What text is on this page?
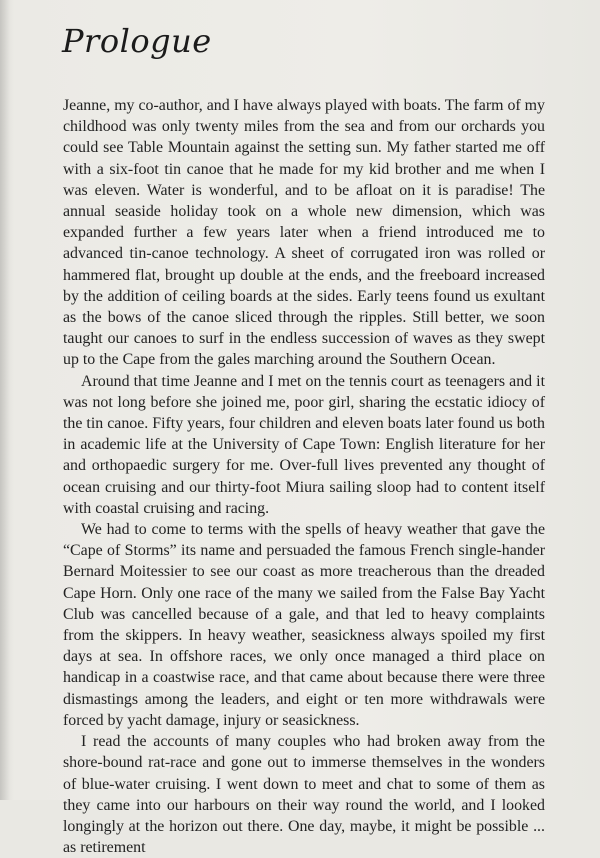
Prologue

Jeanne, my co-author, and I have always played with boats. The farm of my childhood was only twenty miles from the sea and from our orchards you could see Table Mountain against the setting sun. My father started me off with a six-foot tin canoe that he made for my kid brother and me when I was eleven. Water is wonderful, and to be afloat on it is paradise! The annual seaside holiday took on a whole new dimension, which was expanded further a few years later when a friend introduced me to advanced tin-canoe technology. A sheet of corrugated iron was rolled or hammered flat, brought up double at the ends, and the freeboard increased by the addition of ceiling boards at the sides. Early teens found us exultant as the bows of the canoe sliced through the ripples. Still better, we soon taught our canoes to surf in the endless succession of waves as they swept up to the Cape from the gales marching around the Southern Ocean.

Around that time Jeanne and I met on the tennis court as teenagers and it was not long before she joined me, poor girl, sharing the ecstatic idiocy of the tin canoe. Fifty years, four children and eleven boats later found us both in academic life at the University of Cape Town: English literature for her and orthopaedic surgery for me. Over-full lives prevented any thought of ocean cruising and our thirty-foot Miura sailing sloop had to content itself with coastal cruising and racing.

We had to come to terms with the spells of heavy weather that gave the “Cape of Storms” its name and persuaded the famous French single-hander Bernard Moitessier to see our coast as more treacherous than the dreaded Cape Horn. Only one race of the many we sailed from the False Bay Yacht Club was cancelled because of a gale, and that led to heavy complaints from the skippers. In heavy weather, seasickness always spoiled my first days at sea. In offshore races, we only once managed a third place on handicap in a coastwise race, and that came about because there were three dismastings among the leaders, and eight or ten more withdrawals were forced by yacht damage, injury or seasickness.

I read the accounts of many couples who had broken away from the shore-bound rat-race and gone out to immerse themselves in the wonders of blue-water cruising. I went down to meet and chat to some of them as they came into our harbours on their way round the world, and I looked longingly at the horizon out there. One day, maybe, it might be possible ... as retirement
